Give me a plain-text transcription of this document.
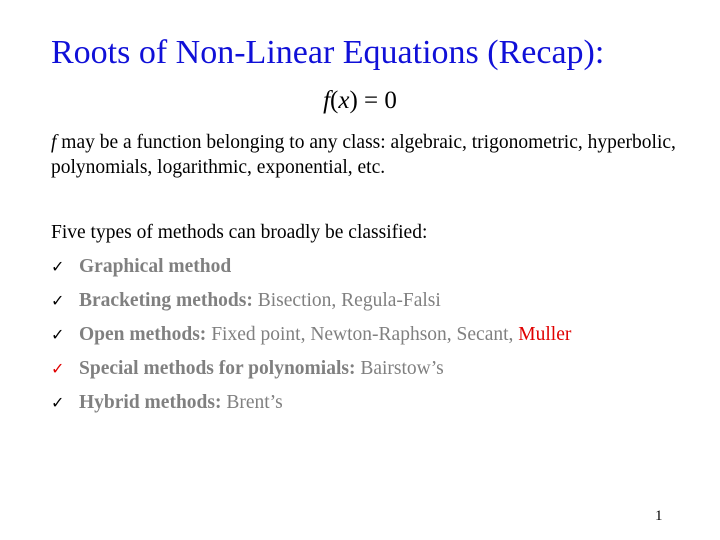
Roots of Non-Linear Equations (Recap):
f(x) = 0
f may be a function belonging to any class: algebraic, trigonometric, hyperbolic, polynomials, logarithmic, exponential, etc.
Five types of methods can broadly be classified:
✓ Graphical method
✓ Bracketing methods: Bisection, Regula-Falsi
✓ Open methods: Fixed point, Newton-Raphson, Secant, Muller
✓ Special methods for polynomials: Bairstow’s
✓ Hybrid methods: Brent’s
1
